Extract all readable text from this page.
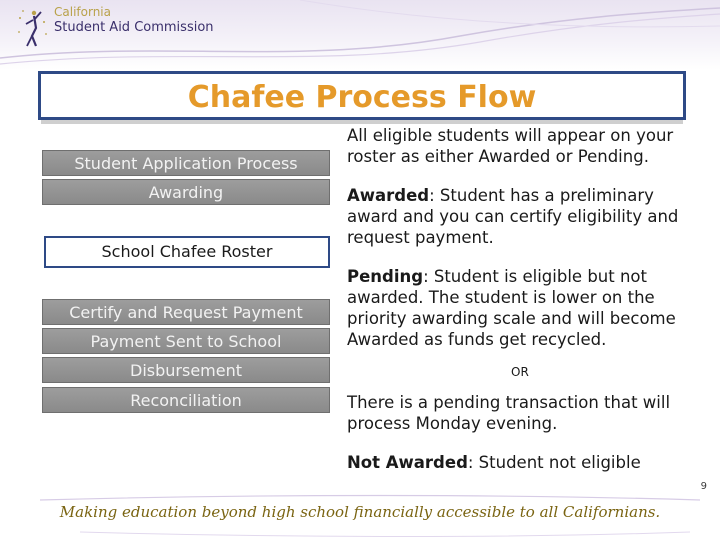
California
Student Aid Commission
Chafee Process Flow
Student Application Process
Awarding
School Chafee Roster
Certify and Request Payment
Payment Sent to School
Disbursement
Reconciliation
All eligible students will appear on your roster as either Awarded or Pending.
Awarded: Student has a preliminary award and you can certify eligibility and request payment.
Pending: Student is eligible but not awarded. The student is lower on the priority awarding scale and will become Awarded as funds get recycled.
OR
There is a pending transaction that will process Monday evening.
Not Awarded: Student not eligible
9
Making education beyond high school financially accessible to all Californians.
